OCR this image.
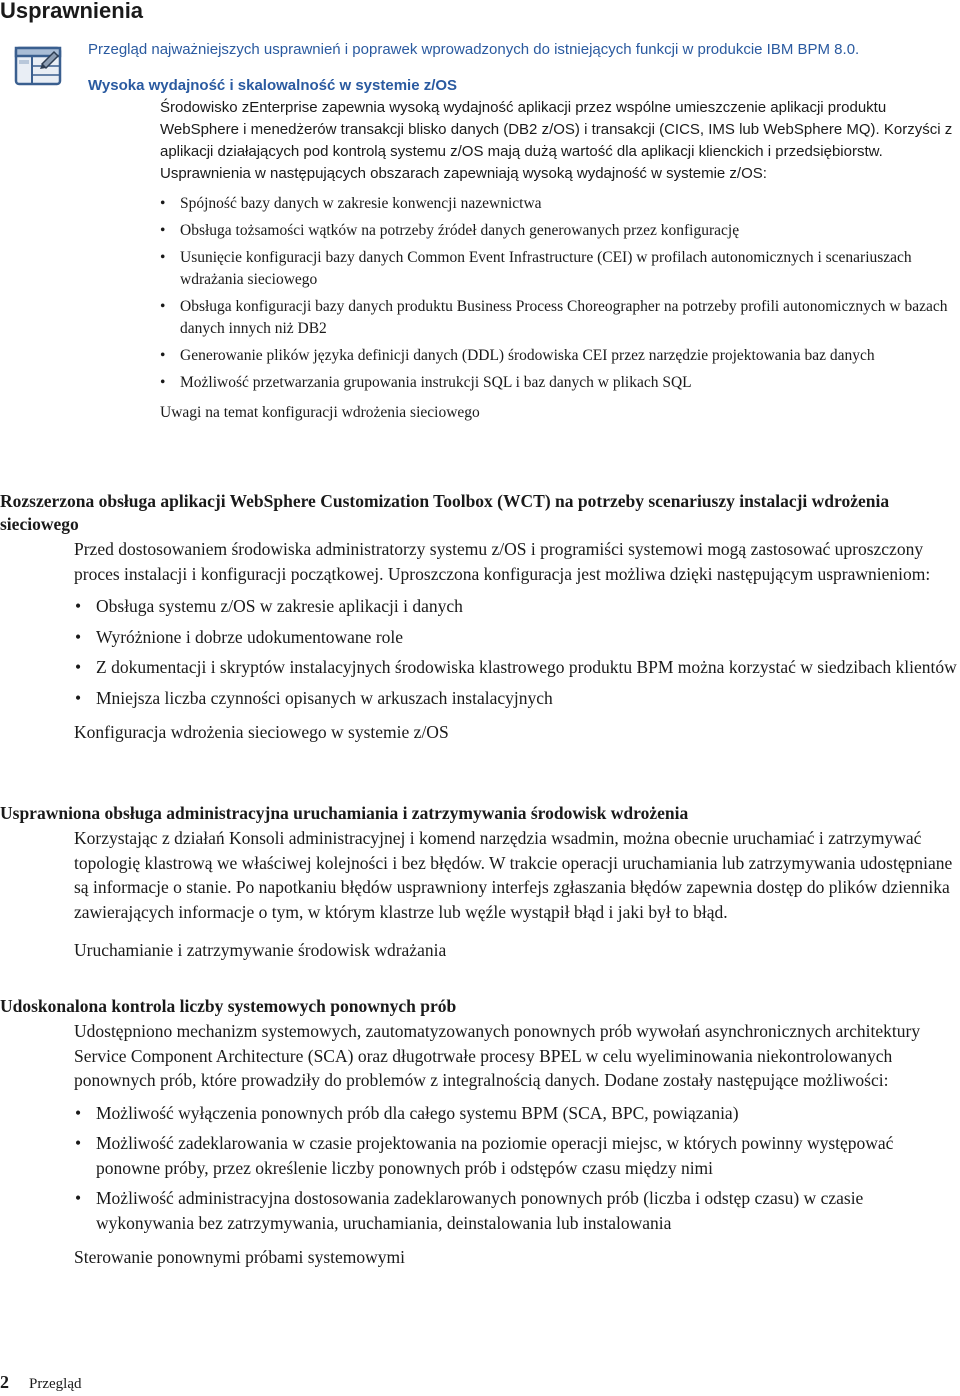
Usprawnienia

Przegląd najważniejszych usprawnień i poprawek wprowadzonych do istniejących funkcji w produkcie IBM BPM 8.0.

Wysoka wydajność i skalowalność w systemie z/OS

Środowisko zEnterprise zapewnia wysoką wydajność aplikacji przez wspólne umieszczenie aplikacji produktu WebSphere i menedżerów transakcji blisko danych (DB2 z/OS) i transakcji (CICS, IMS lub WebSphere MQ). Korzyści z aplikacji działających pod kontrolą systemu z/OS mają dużą wartość dla aplikacji klienckich i przedsiębiorstw. Usprawnienia w następujących obszarach zapewniają wysoką wydajność w systemie z/OS:

• Spójność bazy danych w zakresie konwencji nazewnictwa
• Obsługa tożsamości wątków na potrzeby źródeł danych generowanych przez konfigurację
• Usunięcie konfiguracji bazy danych Common Event Infrastructure (CEI) w profilach autonomicznych i scenariuszach wdrażania sieciowego
• Obsługa konfiguracji bazy danych produktu Business Process Choreographer na potrzeby profili autonomicznych w bazach danych innych niż DB2
• Generowanie plików języka definicji danych (DDL) środowiska CEI przez narzędzie projektowania baz danych
• Możliwość przetwarzania grupowania instrukcji SQL i baz danych w plikach SQL
Uwagi na temat konfiguracji wdrożenia sieciowego
Rozszerzona obsługa aplikacji WebSphere Customization Toolbox (WCT) na potrzeby scenariuszy instalacji wdrożenia sieciowego

Przed dostosowaniem środowiska administratorzy systemu z/OS i programiści systemowi mogą zastosować uproszczony proces instalacji i konfiguracji początkowej. Uproszczona konfiguracja jest możliwa dzięki następującym usprawnieniom:

• Obsługa systemu z/OS w zakresie aplikacji i danych
• Wyróżnione i dobrze udokumentowane role
• Z dokumentacji i skryptów instalacyjnych środowiska klastrowego produktu BPM można korzystać w siedzibach klientów
• Mniejsza liczba czynności opisanych w arkuszach instalacyjnych
Konfiguracja wdrożenia sieciowego w systemie z/OS
Usprawniona obsługa administracyjna uruchamiania i zatrzymywania środowisk wdrożenia

Korzystając z działań Konsoli administracyjnej i komend narzędzia wsadmin, można obecnie uruchamiać i zatrzymywać topologię klastrową we właściwej kolejności i bez błędów. W trakcie operacji uruchamiania lub zatrzymywania udostępniane są informacje o stanie. Po napotkaniu błędów usprawniony interfejs zgłaszania błędów zapewnia dostęp do plików dziennika zawierających informacje o tym, w którym klastrze lub węźle wystąpił błąd i jaki był to błąd.

Uruchamianie i zatrzymywanie środowisk wdrażania
Udoskonalona kontrola liczby systemowych ponownych prób

Udostępniono mechanizm systemowych, zautomatyzowanych ponownych prób wywołań asynchronicznych architektury Service Component Architecture (SCA) oraz długotrwałe procesy BPEL w celu wyeliminowania niekontrolowanych ponownych prób, które prowadziły do problemów z integralnością danych. Dodane zostały następujące możliwości:

• Możliwość wyłączenia ponownych prób dla całego systemu BPM (SCA, BPC, powiązania)
• Możliwość zadeklarowania w czasie projektowania na poziomie operacji miejsc, w których powinny występować ponowne próby, przez określenie liczby ponownych prób i odstępów czasu między nimi
• Możliwość administracyjna dostosowania zadeklarowanych ponownych prób (liczba i odstęp czasu) w czasie wykonywania bez zatrzymywania, uruchamiania, deinstalowania lub instalowania
Sterowanie ponownymi próbami systemowymi
2 Przegląd
